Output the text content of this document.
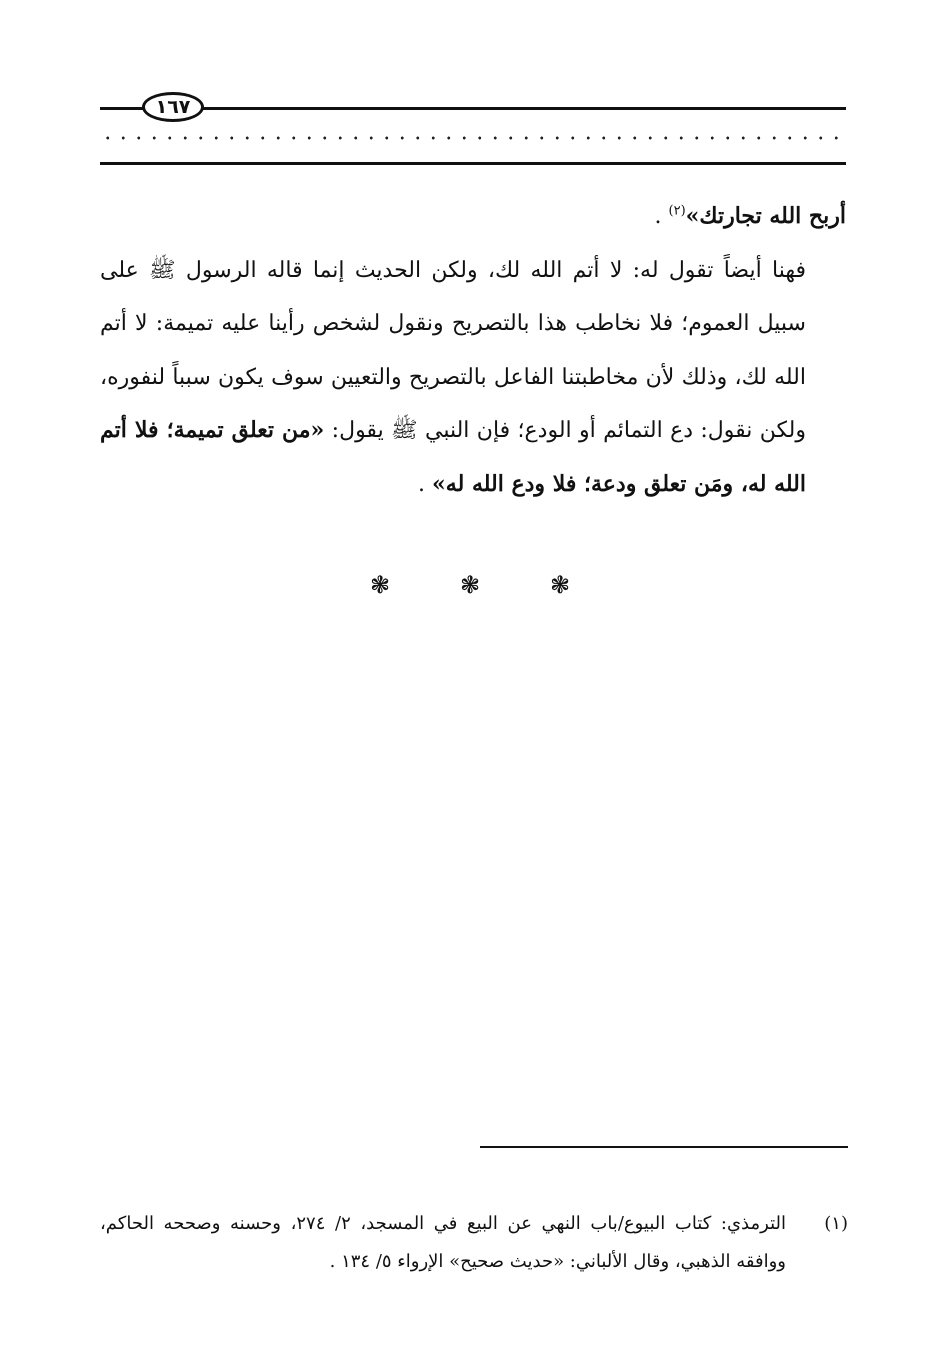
١٦٧

أربح الله تجارتك»$^{(٢)}$ .

فهنا أيضاً تقول له: لا أتم الله لك، ولكن الحديث إنما قاله الرسول ﷺ على سبيل العموم؛ فلا نخاطب هذا بالتصريح ونقول لشخص رأينا عليه تميمة: لا أتم الله لك، وذلك لأن مخاطبتنا الفاعل بالتصريح والتعيين سوف يكون سبباً لنفوره، ولكن نقول: دع التمائم أو الودع؛ فإن النبي ﷺ يقول: «من تعلق تميمة؛ فلا أتم الله له، ومَن تعلق ودعة؛ فلا ودع الله له» .

❃	❃	❃
(١)
الترمذي: كتاب البيوع/باب النهي عن البيع في المسجد، ٢/ ٢٧٤، وحسنه وصححه الحاكم، ووافقه الذهبي، وقال الألباني: «حديث صحيح» الإرواء ٥/ ١٣٤ .
